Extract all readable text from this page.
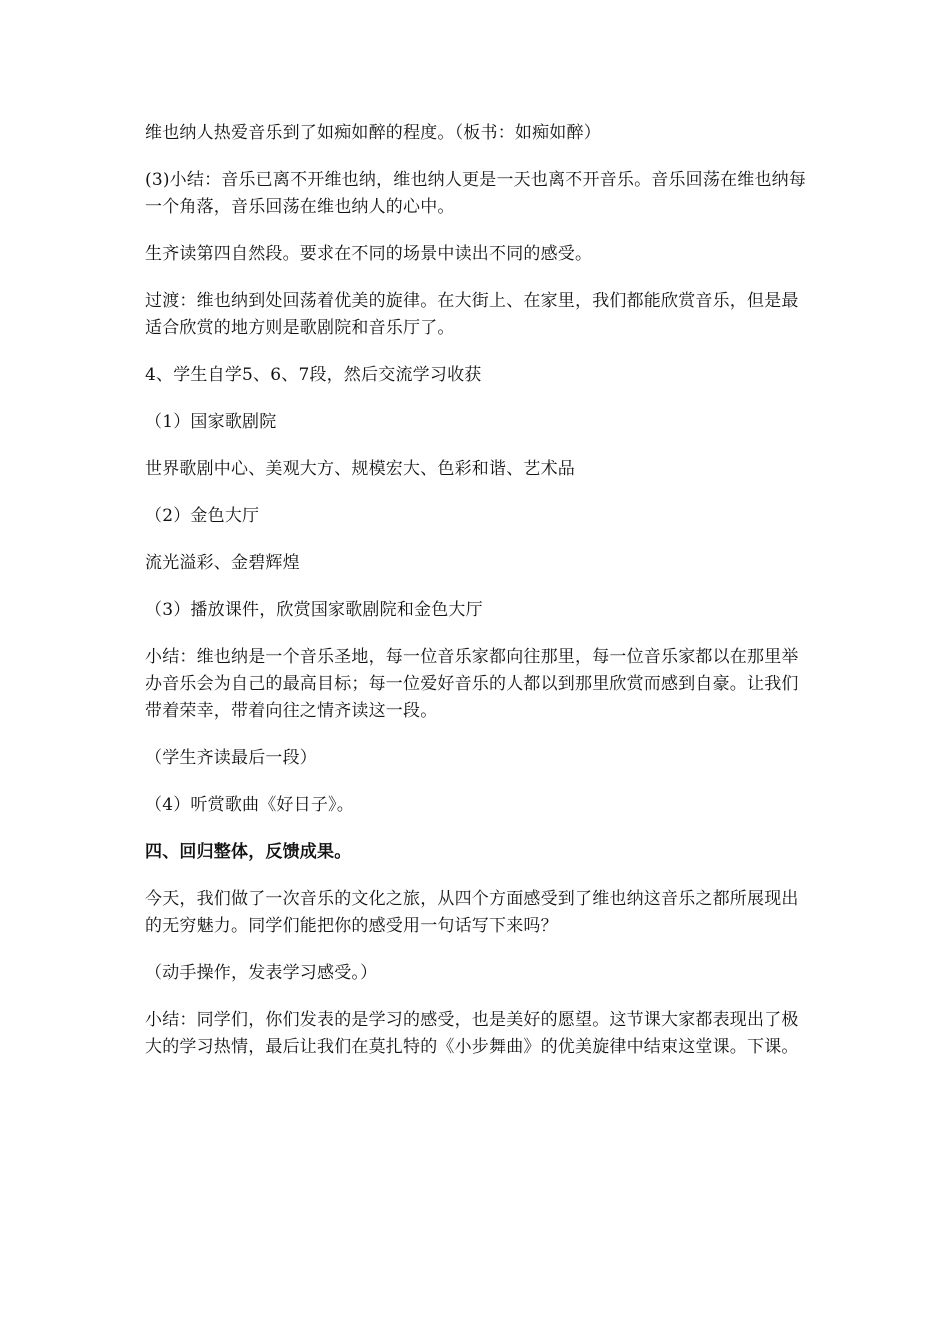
维也纳人热爱音乐到了如痴如醉的程度。（板书：如痴如醉）

(3)小结：音乐已离不开维也纳，维也纳人更是一天也离不开音乐。音乐回荡在维也纳每一个角落，音乐回荡在维也纳人的心中。

生齐读第四自然段。要求在不同的场景中读出不同的感受。

过渡：维也纳到处回荡着优美的旋律。在大街上、在家里，我们都能欣赏音乐，但是最适合欣赏的地方则是歌剧院和音乐厅了。

4、学生自学5、6、7段，然后交流学习收获

（1）国家歌剧院

世界歌剧中心、美观大方、规模宏大、色彩和谐、艺术品

（2）金色大厅

流光溢彩、金碧辉煌

（3）播放课件，欣赏国家歌剧院和金色大厅

小结：维也纳是一个音乐圣地，每一位音乐家都向往那里，每一位音乐家都以在那里举办音乐会为自己的最高目标；每一位爱好音乐的人都以到那里欣赏而感到自豪。让我们带着荣幸，带着向往之情齐读这一段。

（学生齐读最后一段）

（4）听赏歌曲《好日子》。

四、回归整体，反馈成果。

今天，我们做了一次音乐的文化之旅，从四个方面感受到了维也纳这音乐之都所展现出的无穷魅力。同学们能把你的感受用一句话写下来吗？

（动手操作，发表学习感受。）

小结：同学们，你们发表的是学习的感受，也是美好的愿望。这节课大家都表现出了极大的学习热情，最后让我们在莫扎特的《小步舞曲》的优美旋律中结束这堂课。下课。
